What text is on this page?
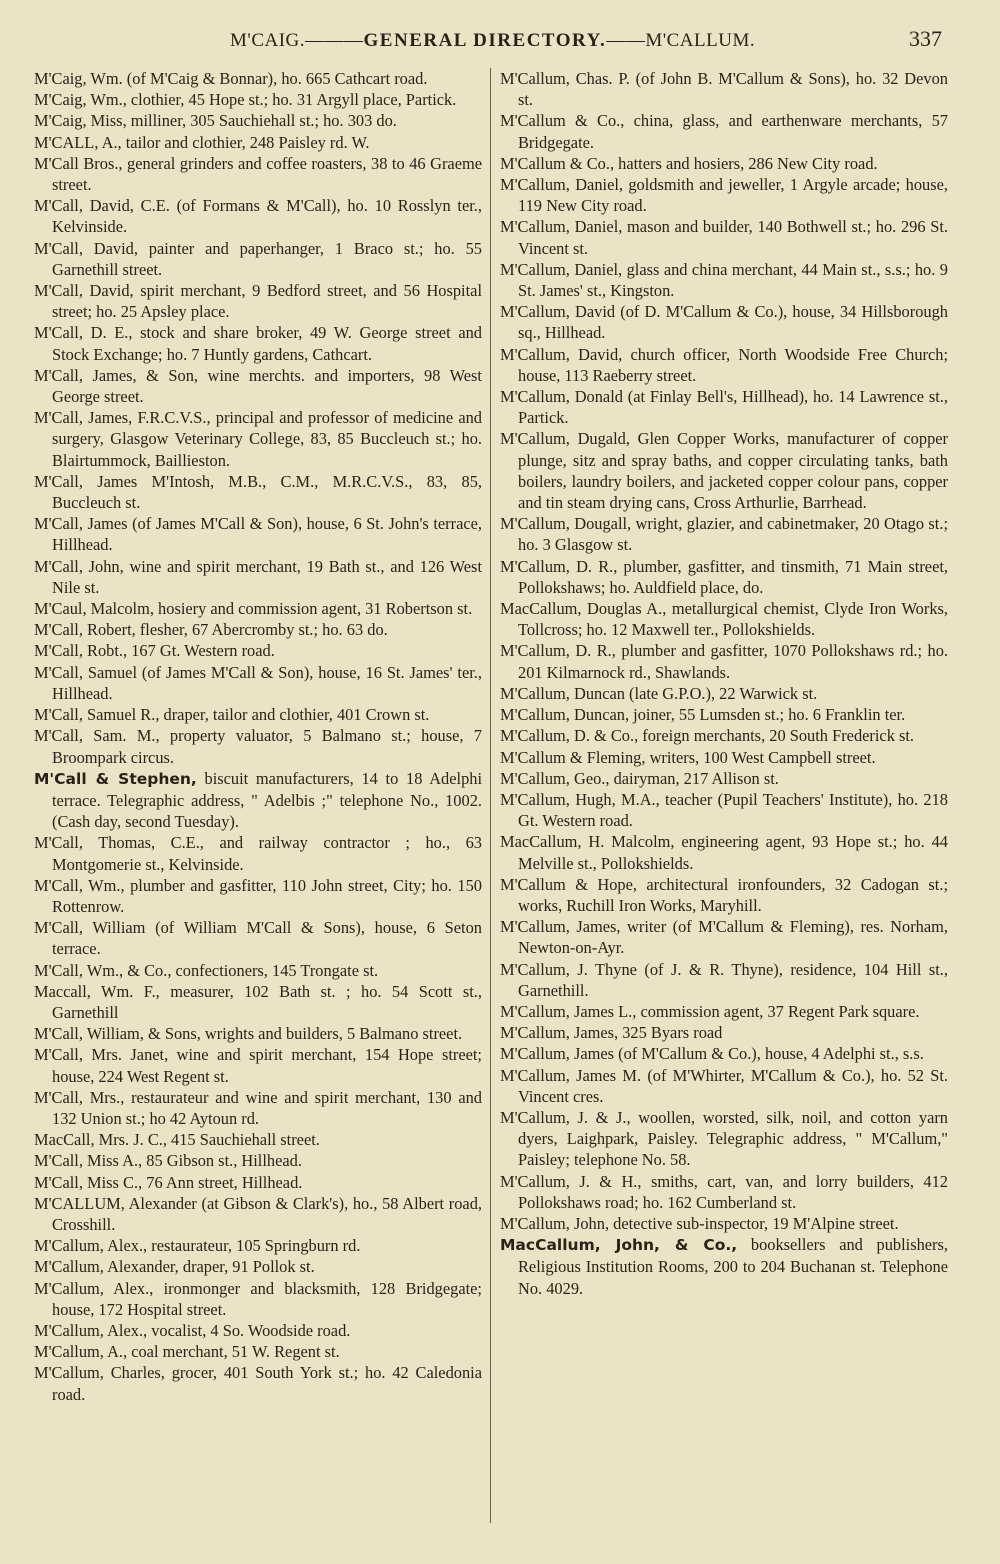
M'CAIG.———GENERAL DIRECTORY.——M'CALLUM.	337

M'Caig, Wm. (of M'Caig & Bonnar), ho. 665 Cathcart road.

M'Caig, Wm., clothier, 45 Hope st.; ho. 31 Argyll place, Partick.

M'Caig, Miss, milliner, 305 Sauchiehall st.; ho. 303 do.

M'CALL, A., tailor and clothier, 248 Paisley rd. W.

M'Call Bros., general grinders and coffee roasters, 38 to 46 Graeme street.

M'Call, David, C.E. (of Formans & M'Call), ho. 10 Rosslyn ter., Kelvinside.

M'Call, David, painter and paperhanger, 1 Braco st.; ho. 55 Garnethill street.

M'Call, David, spirit merchant, 9 Bedford street, and 56 Hospital street; ho. 25 Apsley place.

M'Call, D. E., stock and share broker, 49 W. George street and Stock Exchange; ho. 7 Huntly gardens, Cathcart.

M'Call, James, & Son, wine merchts. and importers, 98 West George street.

M'Call, James, F.R.C.V.S., principal and professor of medicine and surgery, Glasgow Veterinary College, 83, 85 Buccleuch st.; ho. Blairtummock, Baillieston.

M'Call, James M'Intosh, M.B., C.M., M.R.C.V.S., 83, 85, Buccleuch st.

M'Call, James (of James M'Call & Son), house, 6 St. John's terrace, Hillhead.

M'Call, John, wine and spirit merchant, 19 Bath st., and 126 West Nile st.

M'Caul, Malcolm, hosiery and commission agent, 31 Robertson st.

M'Call, Robert, flesher, 67 Abercromby st.; ho. 63 do.

M'Call, Robt., 167 Gt. Western road.

M'Call, Samuel (of James M'Call & Son), house, 16 St. James' ter., Hillhead.

M'Call, Samuel R., draper, tailor and clothier, 401 Crown st.

M'Call, Sam. M., property valuator, 5 Balmano st.; house, 7 Broompark circus.

M'Call & Stephen, biscuit manufacturers, 14 to 18 Adelphi terrace. Telegraphic address, " Adelbis ;" telephone No., 1002. (Cash day, second Tuesday).

M'Call, Thomas, C.E., and railway contractor ; ho., 63 Montgomerie st., Kelvinside.

M'Call, Wm., plumber and gasfitter, 110 John street, City; ho. 150 Rottenrow.

M'Call, William (of William M'Call & Sons), house, 6 Seton terrace.

M'Call, Wm., & Co., confectioners, 145 Trongate st.

Maccall, Wm. F., measurer, 102 Bath st. ; ho. 54 Scott st., Garnethill

M'Call, William, & Sons, wrights and builders, 5 Balmano street.

M'Call, Mrs. Janet, wine and spirit merchant, 154 Hope street; house, 224 West Regent st.

M'Call, Mrs., restaurateur and wine and spirit merchant, 130 and 132 Union st.; ho 42 Aytoun rd.

MacCall, Mrs. J. C., 415 Sauchiehall street.

M'Call, Miss A., 85 Gibson st., Hillhead.

M'Call, Miss C., 76 Ann street, Hillhead.

M'CALLUM, Alexander (at Gibson & Clark's), ho., 58 Albert road, Crosshill.

M'Callum, Alex., restaurateur, 105 Springburn rd.

M'Callum, Alexander, draper, 91 Pollok st.

M'Callum, Alex., ironmonger and blacksmith, 128 Bridgegate; house, 172 Hospital street.

M'Callum, Alex., vocalist, 4 So. Woodside road.

M'Callum, A., coal merchant, 51 W. Regent st.

M'Callum, Charles, grocer, 401 South York st.; ho. 42 Caledonia road.

M'Callum, Chas. P. (of John B. M'Callum & Sons), ho. 32 Devon st.

M'Callum & Co., china, glass, and earthenware merchants, 57 Bridgegate.

M'Callum & Co., hatters and hosiers, 286 New City road.

M'Callum, Daniel, goldsmith and jeweller, 1 Argyle arcade; house, 119 New City road.

M'Callum, Daniel, mason and builder, 140 Bothwell st.; ho. 296 St. Vincent st.

M'Callum, Daniel, glass and china merchant, 44 Main st., s.s.; ho. 9 St. James' st., Kingston.

M'Callum, David (of D. M'Callum & Co.), house, 34 Hillsborough sq., Hillhead.

M'Callum, David, church officer, North Woodside Free Church; house, 113 Raeberry street.

M'Callum, Donald (at Finlay Bell's, Hillhead), ho. 14 Lawrence st., Partick.

M'Callum, Dugald, Glen Copper Works, manufacturer of copper plunge, sitz and spray baths, and copper circulating tanks, bath boilers, laundry boilers, and jacketed copper colour pans, copper and tin steam drying cans, Cross Arthurlie, Barrhead.

M'Callum, Dougall, wright, glazier, and cabinetmaker, 20 Otago st.; ho. 3 Glasgow st.

M'Callum, D. R., plumber, gasfitter, and tinsmith, 71 Main street, Pollokshaws; ho. Auldfield place, do.

MacCallum, Douglas A., metallurgical chemist, Clyde Iron Works, Tollcross; ho. 12 Maxwell ter., Pollokshields.

M'Callum, D. R., plumber and gasfitter, 1070 Pollokshaws rd.; ho. 201 Kilmarnock rd., Shawlands.

M'Callum, Duncan (late G.P.O.), 22 Warwick st.

M'Callum, Duncan, joiner, 55 Lumsden st.; ho. 6 Franklin ter.

M'Callum, D. & Co., foreign merchants, 20 South Frederick st.

M'Callum & Fleming, writers, 100 West Campbell street.

M'Callum, Geo., dairyman, 217 Allison st.

M'Callum, Hugh, M.A., teacher (Pupil Teachers' Institute), ho. 218 Gt. Western road.

MacCallum, H. Malcolm, engineering agent, 93 Hope st.; ho. 44 Melville st., Pollokshields.

M'Callum & Hope, architectural ironfounders, 32 Cadogan st.; works, Ruchill Iron Works, Maryhill.

M'Callum, James, writer (of M'Callum & Fleming), res. Norham, Newton-on-Ayr.

M'Callum, J. Thyne (of J. & R. Thyne), residence, 104 Hill st., Garnethill.

M'Callum, James L., commission agent, 37 Regent Park square.

M'Callum, James, 325 Byars road

M'Callum, James (of M'Callum & Co.), house, 4 Adelphi st., s.s.

M'Callum, James M. (of M'Whirter, M'Callum & Co.), ho. 52 St. Vincent cres.

M'Callum, J. & J., woollen, worsted, silk, noil, and cotton yarn dyers, Laighpark, Paisley. Telegraphic address, " M'Callum," Paisley; telephone No. 58.

M'Callum, J. & H., smiths, cart, van, and lorry builders, 412 Pollokshaws road; ho. 162 Cumberland st.

M'Callum, John, detective sub-inspector, 19 M'Alpine street.

MacCallum, John, & Co., booksellers and publishers, Religious Institution Rooms, 200 to 204 Buchanan st. Telephone No. 4029.
